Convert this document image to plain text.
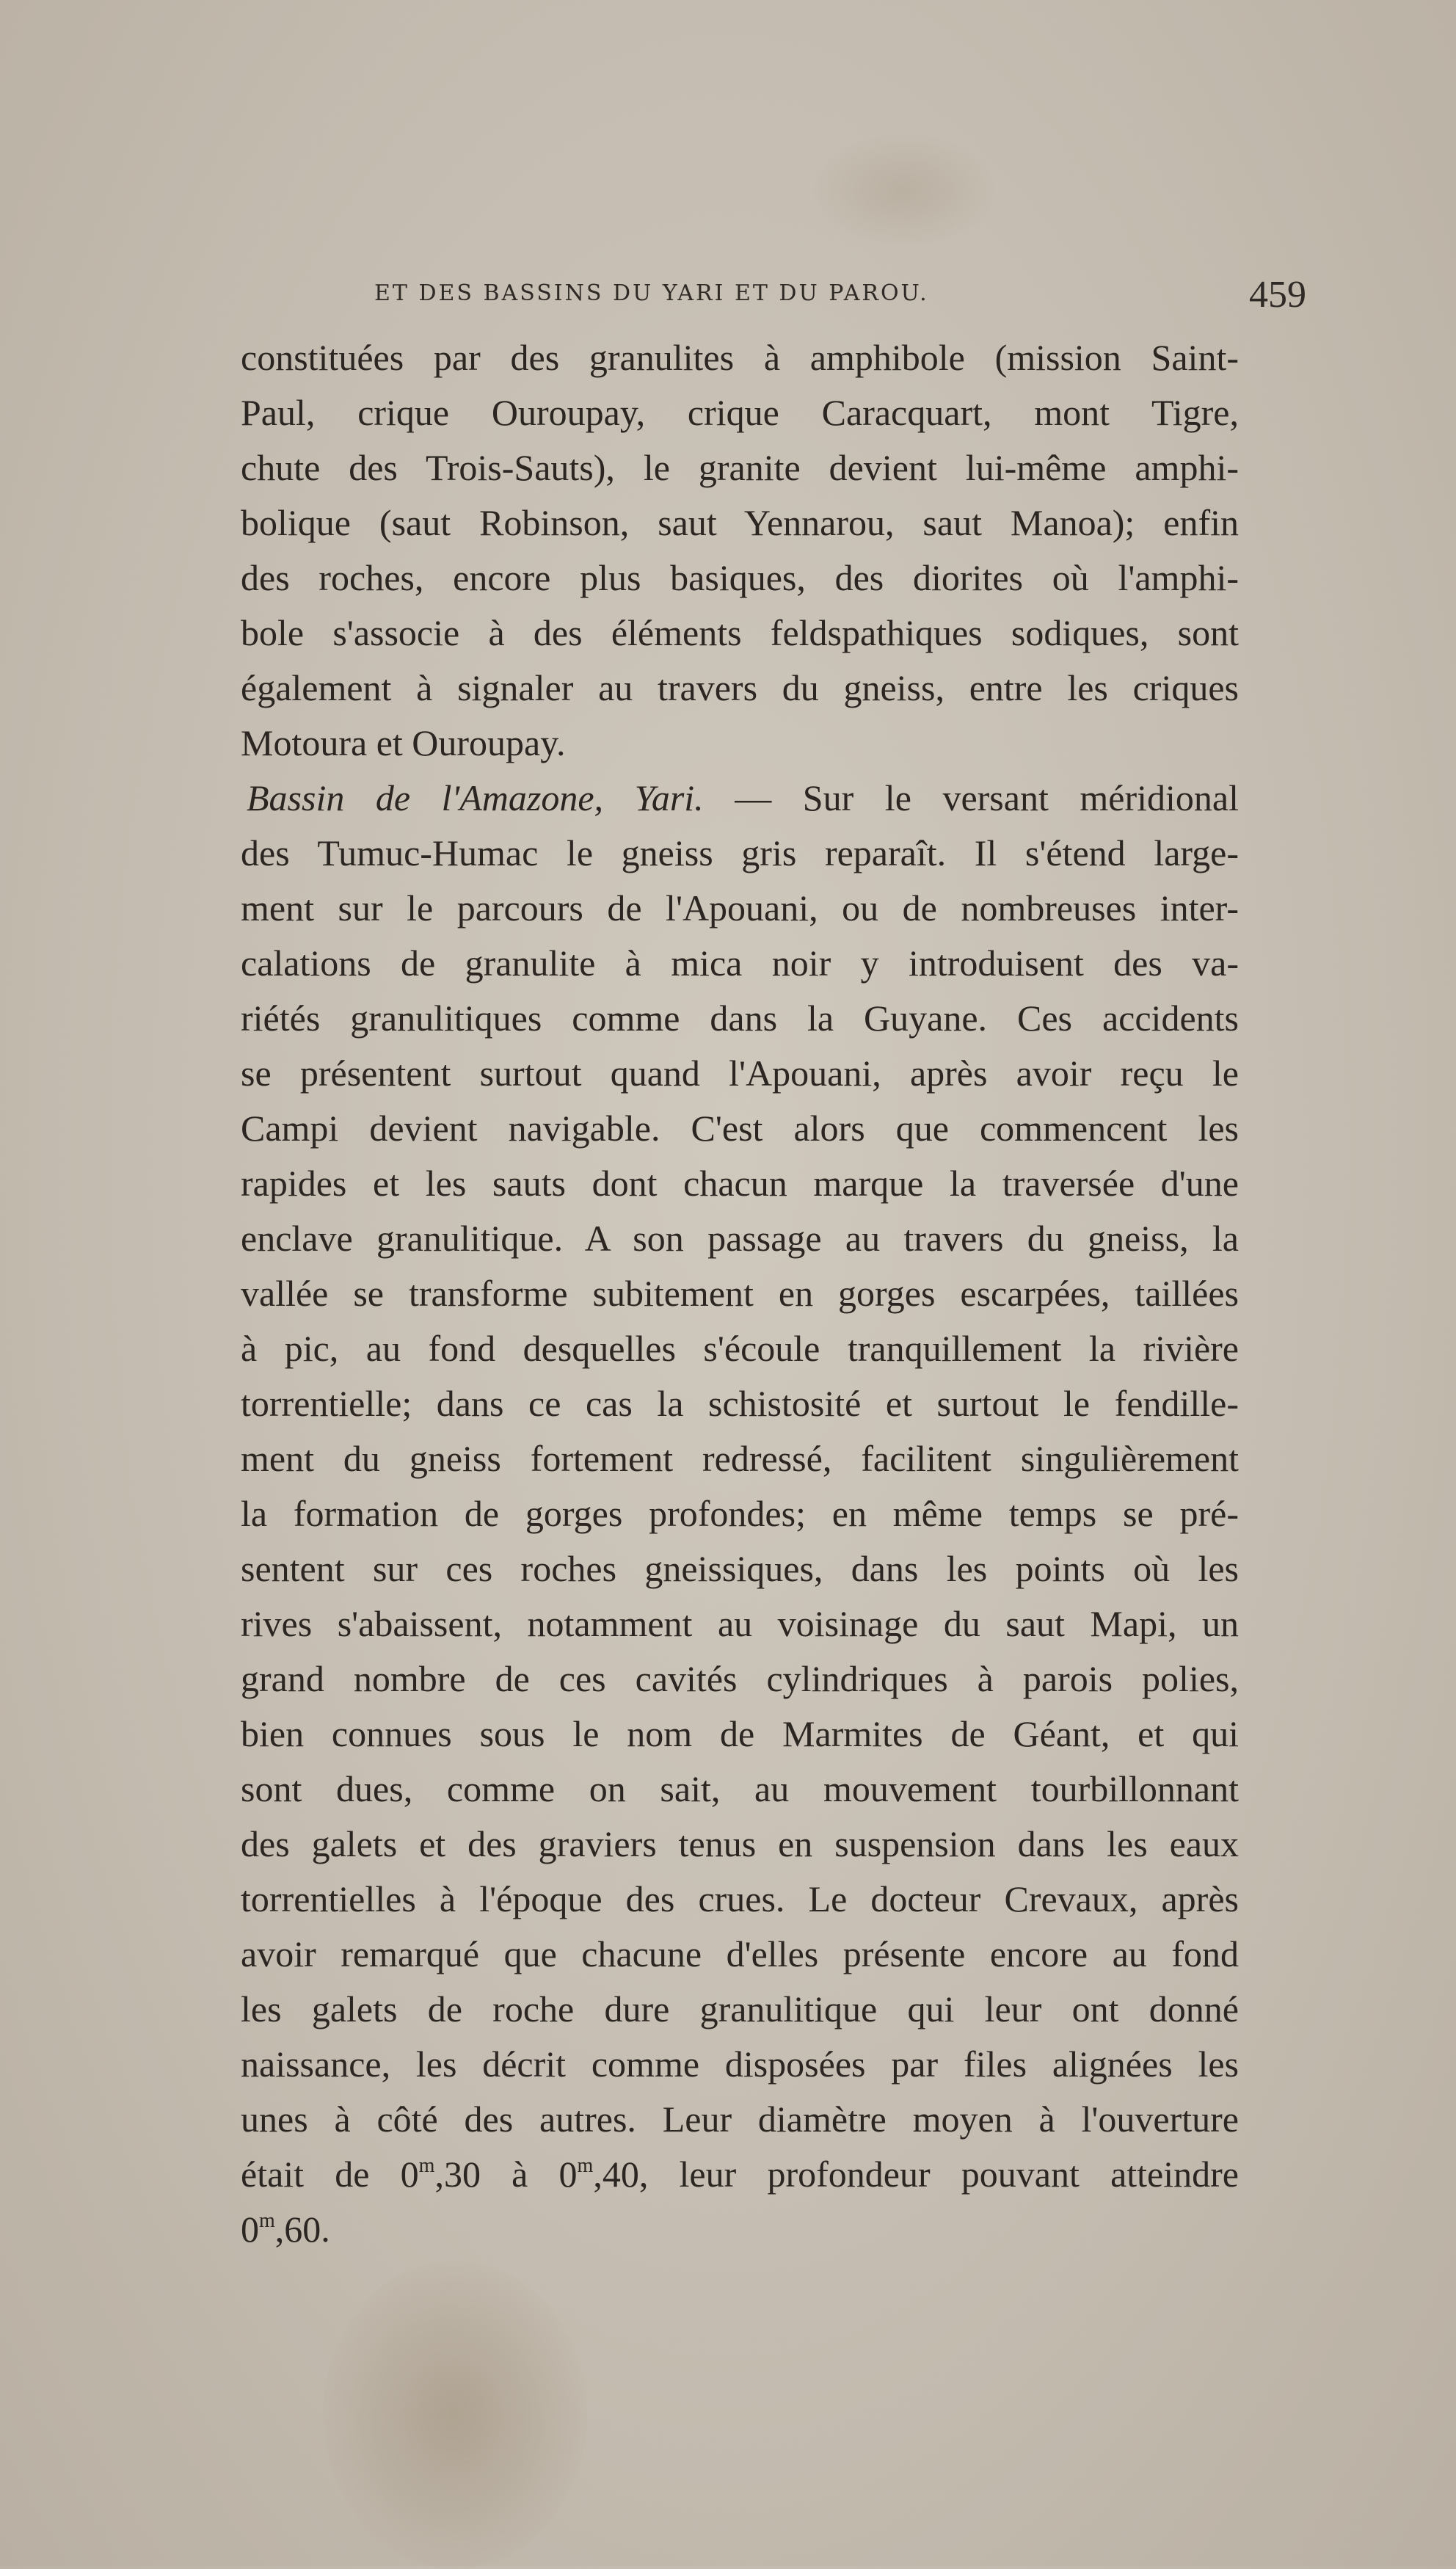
ET DES BASSINS DU YARI ET DU PAROU.	459
constituées par des granulites à amphibole (mission Saint-
Paul, crique Ouroupay, crique Caracquart, mont Tigre,
chute des Trois-Sauts), le granite devient lui-même amphi-
bolique (saut Robinson, saut Yennarou, saut Manoa); enfin
des roches, encore plus basiques, des diorites où l'amphi-
bole s'associe à des éléments feldspathiques sodiques, sont
également à signaler au travers du gneiss, entre les criques
Motoura et Ouroupay.
Bassin de l'Amazone, Yari. — Sur le versant méridional
des Tumuc-Humac le gneiss gris reparaît. Il s'étend large-
ment sur le parcours de l'Apouani, ou de nombreuses inter-
calations de granulite à mica noir y introduisent des va-
riétés granulitiques comme dans la Guyane. Ces accidents
se présentent surtout quand l'Apouani, après avoir reçu le
Campi devient navigable. C'est alors que commencent les
rapides et les sauts dont chacun marque la traversée d'une
enclave granulitique. A son passage au travers du gneiss, la
vallée se transforme subitement en gorges escarpées, taillées
à pic, au fond desquelles s'écoule tranquillement la rivière
torrentielle; dans ce cas la schistosité et surtout le fendille-
ment du gneiss fortement redressé, facilitent singulièrement
la formation de gorges profondes; en même temps se pré-
sentent sur ces roches gneissiques, dans les points où les
rives s'abaissent, notamment au voisinage du saut Mapi, un
grand nombre de ces cavités cylindriques à parois polies,
bien connues sous le nom de Marmites de Géant, et qui
sont dues, comme on sait, au mouvement tourbillonnant
des galets et des graviers tenus en suspension dans les eaux
torrentielles à l'époque des crues. Le docteur Crevaux, après
avoir remarqué que chacune d'elles présente encore au fond
les galets de roche dure granulitique qui leur ont donné
naissance, les décrit comme disposées par files alignées les
unes à côté des autres. Leur diamètre moyen à l'ouverture
était de 0$^m$,30 à 0$^m$,40, leur profondeur pouvant atteindre
0$^m$,60.
